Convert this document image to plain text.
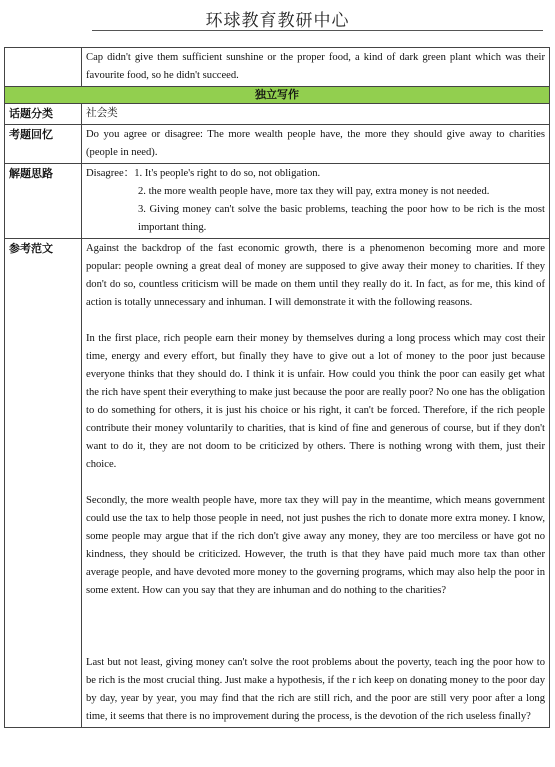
环球教育教研中心
	Cap didn't give them sufficient sunshine or the proper food, a kind of dark green plant which was their favourite food, so he didn't succeed.
独立写作	
话题分类	社会类
考题回忆	Do you agree or disagree: The more wealth people have, the more they should give away to charities (people in need).
解题思路	Disagree：1. It's people's right to do so, not obligation.
2. the more wealth people have, more tax they will pay, extra money is not needed.
3. Giving money can't solve the basic problems, teaching the poor how to be rich is the most important thing.

参考范文	Against the backdrop of the fast economic growth, there is a phenomenon becoming more and more popular: people owning a great deal of money are supposed to give away their money to charities. If they don't do so, countless criticism will be made on them until they really do it. In fact, as for me, this kind of action is totally unnecessary and inhuman. I will demonstrate it with the following reasons.

In the first place, rich people earn their money by themselves during a long process which may cost their time, energy and every effort, but finally they have to give out a lot of money to the poor just because everyone thinks that they should do. I think it is unfair. How could you think the poor can easily get what the rich have spent their everything to make just because the poor are really poor? No one has the obligation to do something for others, it is just his choice or his right, it can't be forced. Therefore, if the rich people contribute their money voluntarily to charities, that is kind of fine and generous of course, but if they don't want to do it, they are not doom to be criticized by others. There is nothing wrong with them, just their choice.

Secondly, the more wealth people have, more tax they will pay in the meantime, which means government could use the tax to help those people in need, not just pushes the rich to donate more extra money. I know, some people may argue that if the rich don't give away any money, they are too merciless or have got no kindness, they should be criticized. However, the truth is that they have paid much more tax than other average people, and have devoted more money to the governing programs, which may also help the poor in some extent. How can you say that they are inhuman and do nothing to the charities?

Last but not least, giving money can't solve the root problems about the poverty, teach ing the poor how to be rich is the most crucial thing. Just make a hypothesis, if the r ich keep on donating money to the poor day by day, year by year, you may find that the rich are still rich, and the poor are still very poor after a long time, it seems that there is no improvement during the process, is the devotion of the rich useless finally?
